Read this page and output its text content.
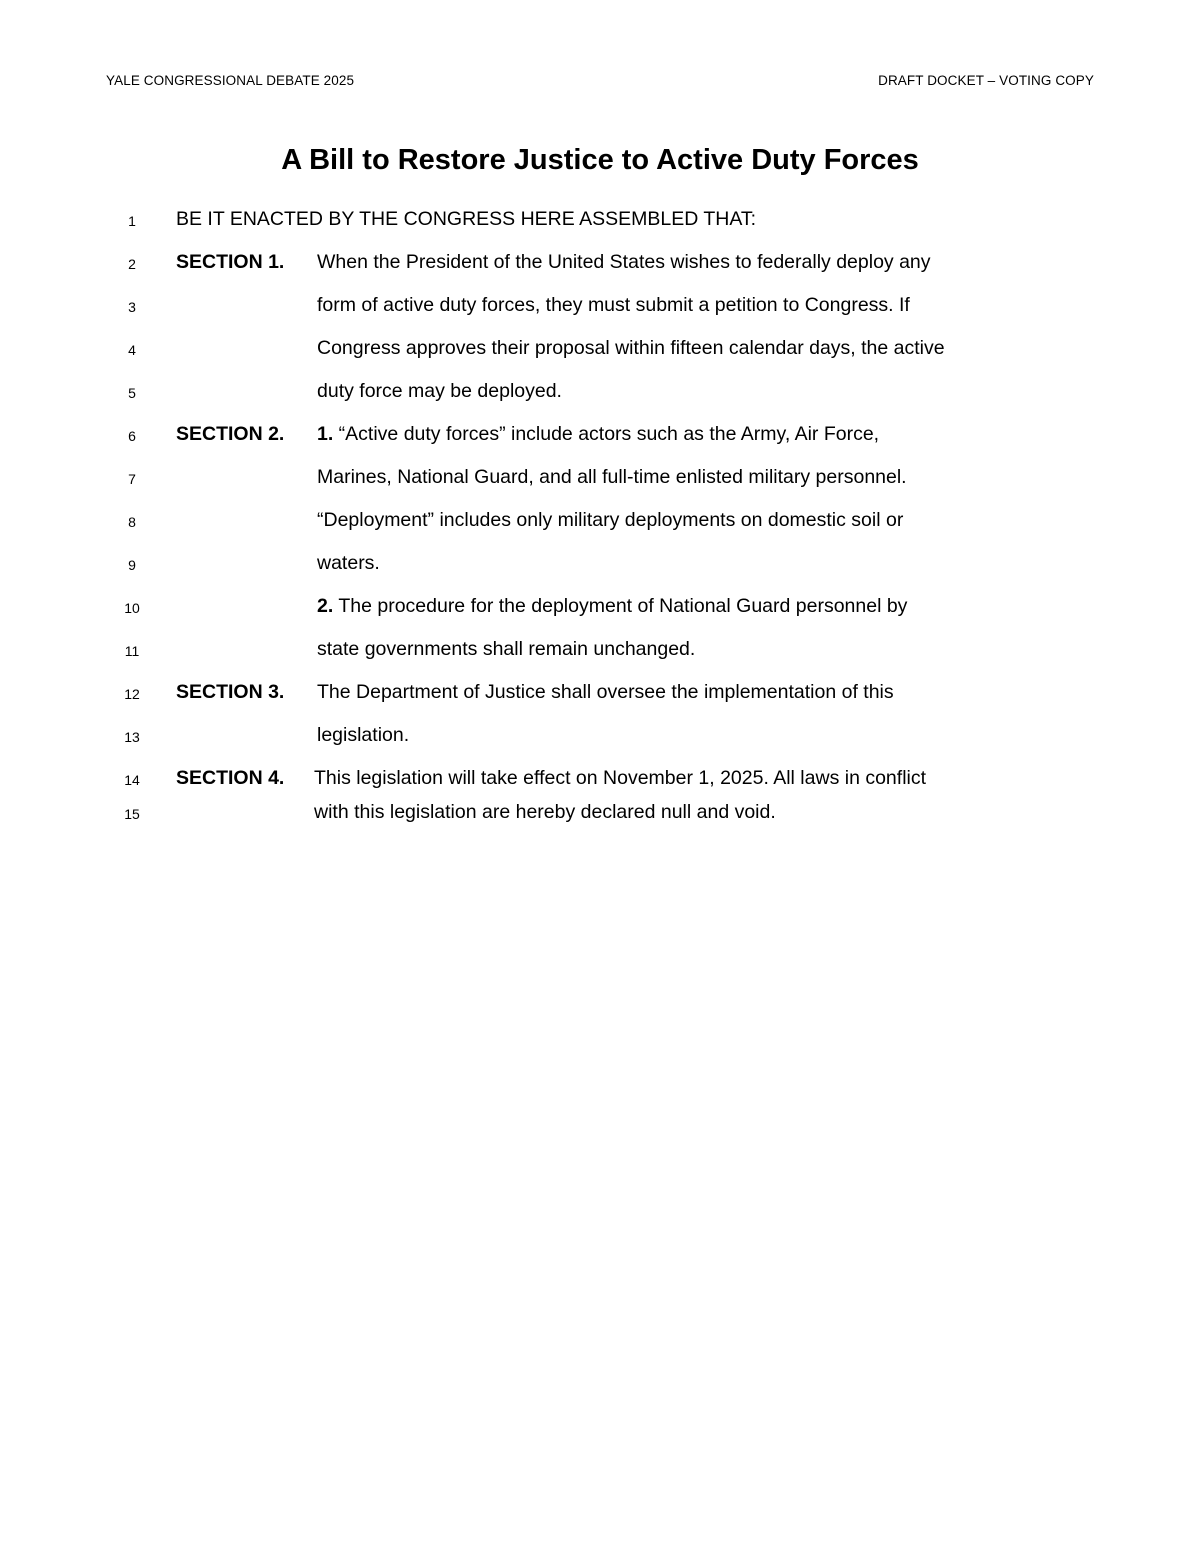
YALE CONGRESSIONAL DEBATE 2025	DRAFT DOCKET – VOTING COPY
A Bill to Restore Justice to Active Duty Forces
1	BE IT ENACTED BY THE CONGRESS HERE ASSEMBLED THAT:
2	SECTION 1. When the President of the United States wishes to federally deploy any
3	form of active duty forces, they must submit a petition to Congress. If
4	Congress approves their proposal within fifteen calendar days, the active
5	duty force may be deployed.
6	SECTION 2. 1. “Active duty forces” include actors such as the Army, Air Force,
7	Marines, National Guard, and all full-time enlisted military personnel.
8	“Deployment” includes only military deployments on domestic soil or
9	waters.
10	2. The procedure for the deployment of National Guard personnel by
11	state governments shall remain unchanged.
12	SECTION 3. The Department of Justice shall oversee the implementation of this
13	legislation.
14	SECTION 4. This legislation will take effect on November 1, 2025. All laws in conflict
15	with this legislation are hereby declared null and void.
